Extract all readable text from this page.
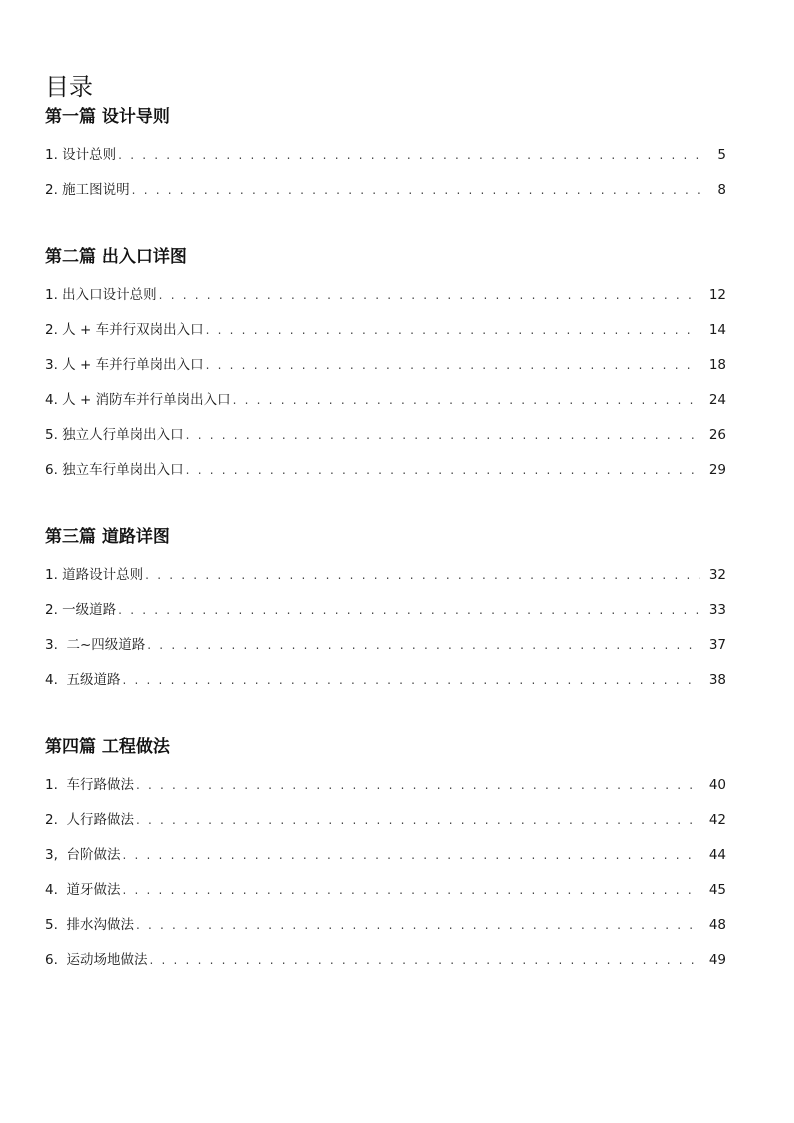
目录
第一篇 设计导则
1. 设计总则 . . .	5
2. 施工图说明 . . .	8
第二篇 出入口详图
1. 出入口设计总则 . . .	12
2. 人 + 车并行双岗出入口 . . .	14
3. 人 + 车并行单岗出入口 . . .	18
4. 人 + 消防车并行单岗出入口 . . .	24
5. 独立人行单岗出入口 . . .	26
6. 独立车行单岗出入口 . . .	29
第三篇 道路详图
1. 道路设计总则 . . .	32
2. 一级道路 . . .	33
3.  二~四级道路 . . .	37
4.  五级道路 . . .	38
第四篇 工程做法
1.  车行路做法 . . .	40
2.  人行路做法 . . .	42
3,  台阶做法 . . .	44
4.  道牙做法 . . .	45
5.  排水沟做法 . . .	48
6.  运动场地做法 . . .	49
